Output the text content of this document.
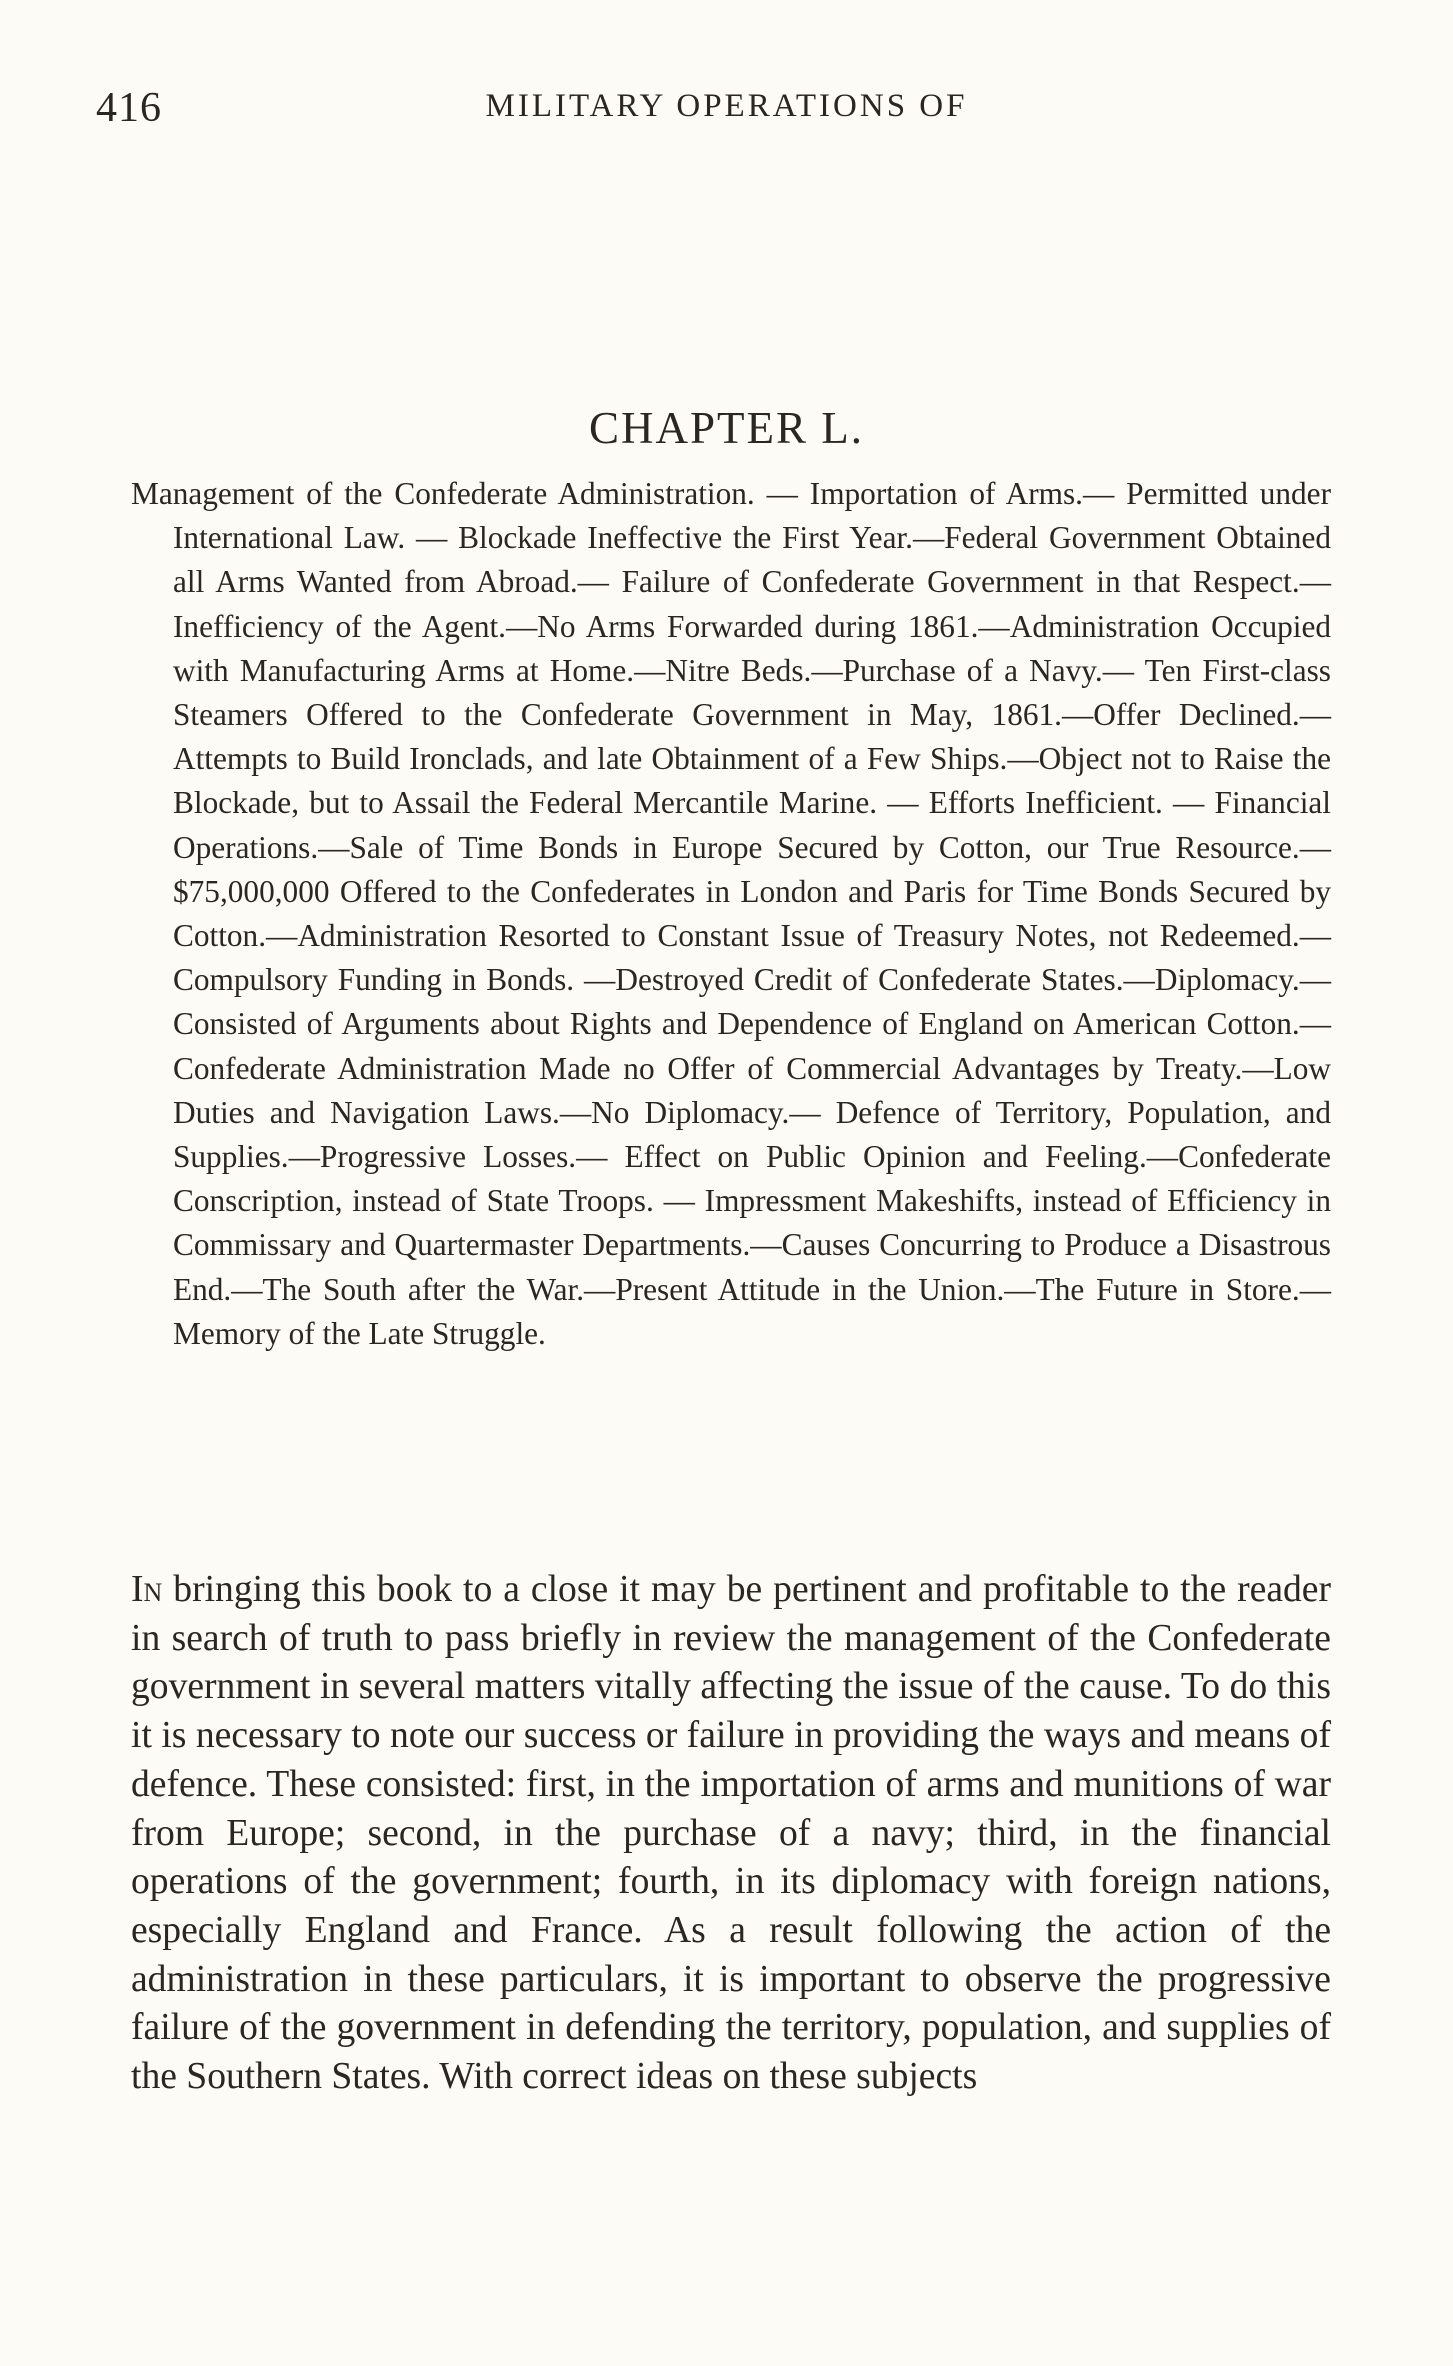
416	MILITARY OPERATIONS OF
CHAPTER L.

Management of the Confederate Administration. — Importation of Arms.— Permitted under International Law. — Blockade Ineffective the First Year.—Federal Government Obtained all Arms Wanted from Abroad.— Failure of Confederate Government in that Respect.—Inefficiency of the Agent.—No Arms Forwarded during 1861.—Administration Occupied with Manufacturing Arms at Home.—Nitre Beds.—Purchase of a Navy.— Ten First-class Steamers Offered to the Confederate Government in May, 1861.—Offer Declined.—Attempts to Build Ironclads, and late Obtainment of a Few Ships.—Object not to Raise the Blockade, but to Assail the Federal Mercantile Marine. — Efforts Inefficient. — Financial Operations.—Sale of Time Bonds in Europe Secured by Cotton, our True Resource.—$75,000,000 Offered to the Confederates in London and Paris for Time Bonds Secured by Cotton.—Administration Resorted to Constant Issue of Treasury Notes, not Redeemed.—Compulsory Funding in Bonds. —Destroyed Credit of Confederate States.—Diplomacy.—Consisted of Arguments about Rights and Dependence of England on American Cotton.—Confederate Administration Made no Offer of Commercial Advantages by Treaty.—Low Duties and Navigation Laws.—No Diplomacy.— Defence of Territory, Population, and Supplies.—Progressive Losses.— Effect on Public Opinion and Feeling.—Confederate Conscription, instead of State Troops. — Impressment Makeshifts, instead of Efficiency in Commissary and Quartermaster Departments.—Causes Concurring to Produce a Disastrous End.—The South after the War.—Present Attitude in the Union.—The Future in Store.—Memory of the Late Struggle.

In bringing this book to a close it may be pertinent and profitable to the reader in search of truth to pass briefly in review the management of the Confederate government in several matters vitally affecting the issue of the cause. To do this it is necessary to note our success or failure in providing the ways and means of defence. These consisted: first, in the importation of arms and munitions of war from Europe; second, in the purchase of a navy; third, in the financial operations of the government; fourth, in its diplomacy with foreign nations, especially England and France. As a result following the action of the administration in these particulars, it is important to observe the progressive failure of the government in defending the territory, population, and supplies of the Southern States. With correct ideas on these subjects
